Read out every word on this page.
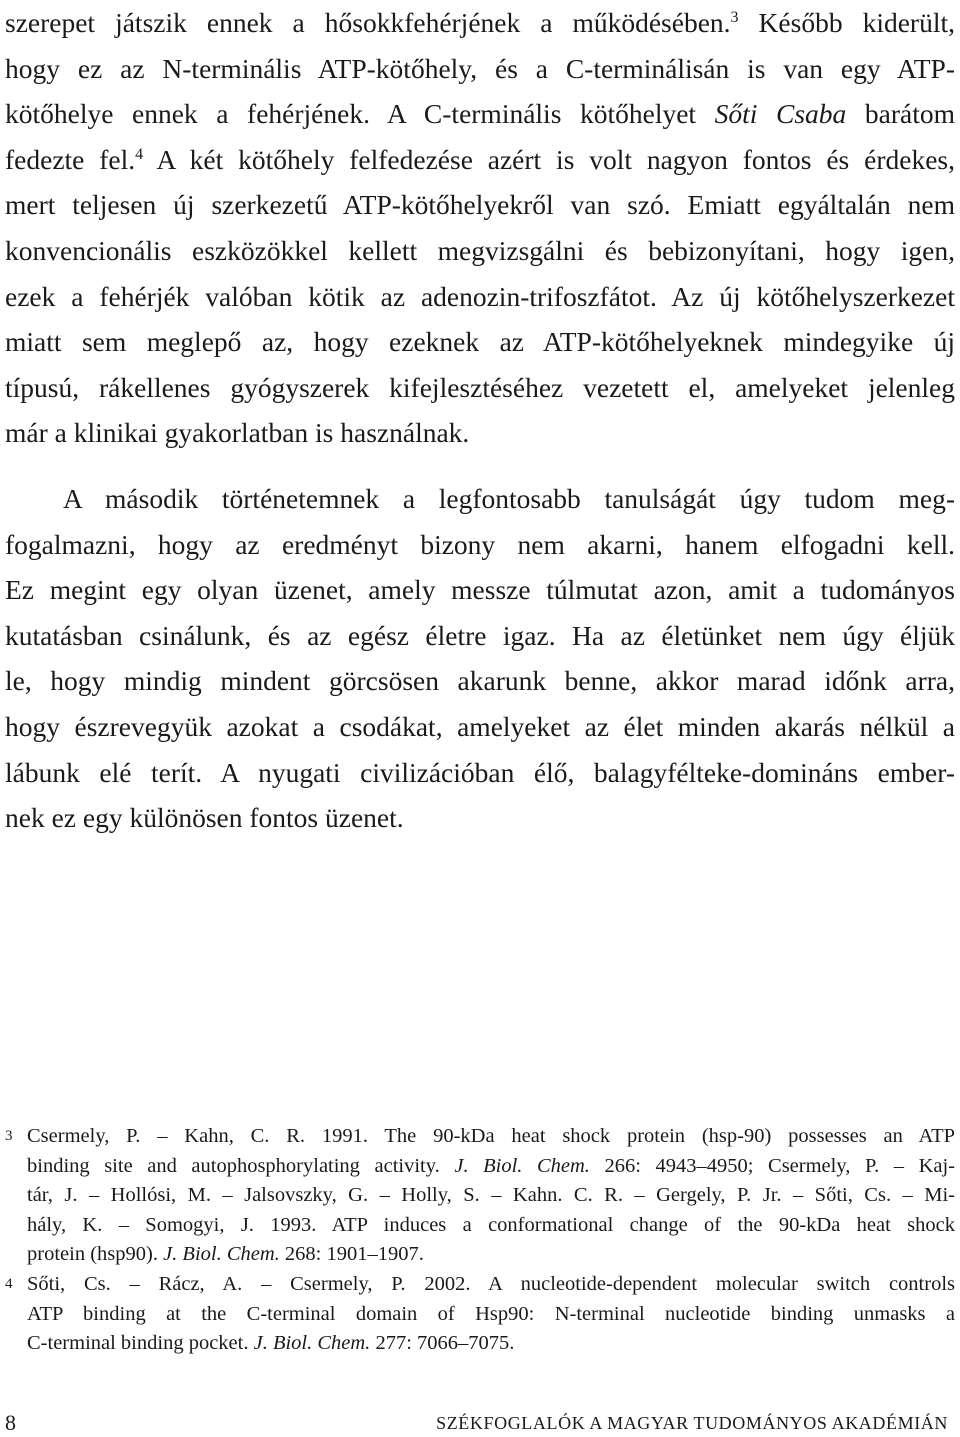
szerepet játszik ennek a hősokkfehérjének a működésében.$^3$ Később kiderült,
hogy ez az N-terminális ATP-kötőhely, és a C-terminálisán is van egy ATP-
kötőhelye ennek a fehérjének. A C-terminális kötőhelyet Sőti Csaba barátom
fedezte fel.$^4$ A két kötőhely felfedezése azért is volt nagyon fontos és érdekes,
mert teljesen új szerkezetű ATP-kötőhelyekről van szó. Emiatt egyáltalán nem
konvencionális eszközökkel kellett megvizsgálni és bebizonyítani, hogy igen,
ezek a fehérjék valóban kötik az adenozin-trifoszfátot. Az új kötőhelyszerkezet
miatt sem meglepő az, hogy ezeknek az ATP-kötőhelyeknek mindegyike új
típusú, rákellenes gyógyszerek kifejlesztéséhez vezetett el, amelyeket jelenleg
már a klinikai gyakorlatban is használnak.
A második történetemnek a legfontosabb tanulságát úgy tudom meg-
fogalmazni, hogy az eredményt bizony nem akarni, hanem elfogadni kell.
Ez megint egy olyan üzenet, amely messze túlmutat azon, amit a tudományos
kutatásban csinálunk, és az egész életre igaz. Ha az életünket nem úgy éljük
le, hogy mindig mindent görcsösen akarunk benne, akkor marad időnk arra,
hogy észrevegyük azokat a csodákat, amelyeket az élet minden akarás nélkül a
lábunk elé terít. A nyugati civilizációban élő, balagyfélteke-domináns ember-
nek ez egy különösen fontos üzenet.
3 Csermely, P. – Kahn, C. R. 1991. The 90-kDa heat shock protein (hsp-90) possesses an ATP
binding site and autophosphorylating activity. J. Biol. Chem. 266: 4943–4950; Csermely, P. – Kaj-
tár, J. – Hollósi, M. – Jalsovszky, G. – Holly, S. – Kahn. C. R. – Gergely, P. Jr. – Sőti, Cs. – Mi-
hály, K. – Somogyi, J. 1993. ATP induces a conformational change of the 90-kDa heat shock
protein (hsp90). J. Biol. Chem. 268: 1901–1907.
4 Sőti, Cs. – Rácz, A. – Csermely, P. 2002. A nucleotide-dependent molecular switch controls
ATP binding at the C-terminal domain of Hsp90: N-terminal nucleotide binding unmasks a
C-terminal binding pocket. J. Biol. Chem. 277: 7066–7075.
8	SZÉKFOGLALÓK A MAGYAR TUDOMÁNYOS AKADÉMIÁN
